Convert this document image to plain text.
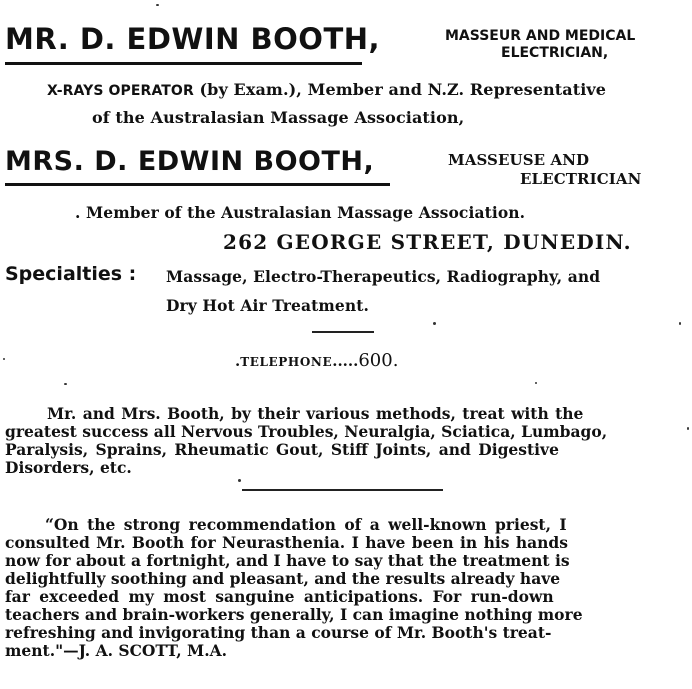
MR. D. EDWIN BOOTH,	MASSEUR AND MEDICAL
ELECTRICIAN,
X-RAYS OPERATOR (by Exam.), Member and N.Z. Representative
of the Australasian Massage Association,
MRS. D. EDWIN BOOTH,	MASSEUSE AND
ELECTRICIAN
. Member of the Australasian Massage Association.
262 GEORGE STREET, DUNEDIN.
Specialties : Massage, Electro-Therapeutics, Radiography, and
Dry Hot Air Treatment.
.TELEPHONE.....600.
Mr. and Mrs. Booth, by their various methods, treat with the
greatest success all Nervous Troubles, Neuralgia, Sciatica, Lumbago,
Paralysis, Sprains, Rheumatic Gout, Stiff Joints, and Digestive
Disorders, etc.
“On the strong recommendation of a well-known priest, I
consulted Mr. Booth for Neurasthenia. I have been in his hands
now for about a fortnight, and I have to say that the treatment is
delightfully soothing and pleasant, and the results already have
far exceeded my most sanguine anticipations. For run-down
teachers and brain-workers generally, I can imagine nothing more
refreshing and invigorating than a course of Mr. Booth's treat-
ment."—J. A. SCOTT, M.A.
